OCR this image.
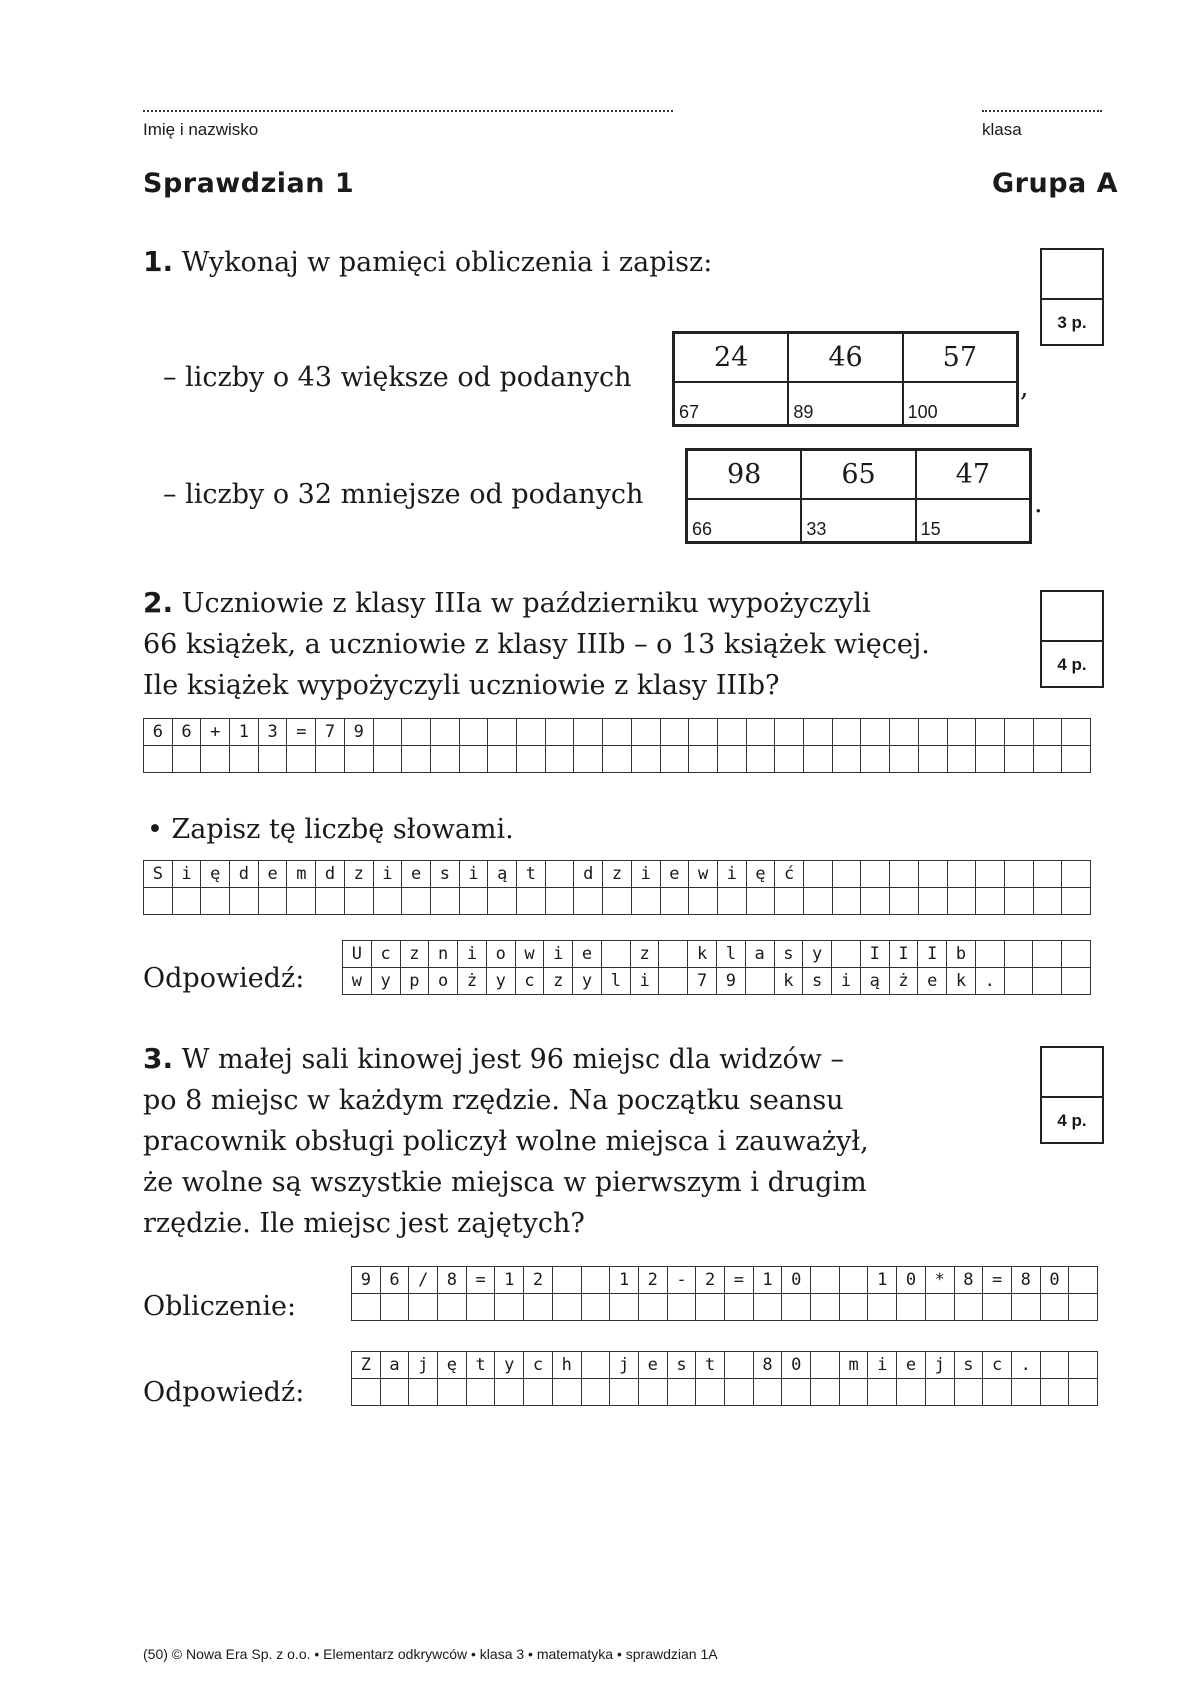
Imię i nazwisko	klasa
Sprawdzian 1	Grupa A
1. Wykonaj w pamięci obliczenia i zapisz:
3 p.
– liczby o 43 większe od podanych
24	46	57
67	89	100
,
– liczby o 32 mniejsze od podanych
98	65	47
66	33	15
.
2. Uczniowie z klasy IIIa w październiku wypożyczyli
66 książek, a uczniowie z klasy IIIb – o 13 książek więcej.
Ile książek wypożyczyli uczniowie z klasy IIIb?
4 p.
6	6	+	1	3	=	7	9
• Zapisz tę liczbę słowami.
S	i	ę	d	e	m	d	z	i	e	s	i	ą	t	d	z	i	e	w	i	ę	ć
Odpowiedź:
U	c	z	n	i	o	w	i	e	z	k	l	a	s	y	I	I	I	b
w	y	p	o	ż	y	c	z	y	l	i	7	9	k	s	i	ą	ż	e	k	.
3. W małej sali kinowej jest 96 miejsc dla widzów –
po 8 miejsc w każdym rzędzie. Na początku seansu
pracownik obsługi policzył wolne miejsca i zauważył,
że wolne są wszystkie miejsca w pierwszym i drugim
rzędzie. Ile miejsc jest zajętych?
4 p.
Obliczenie:
9	6	/	8	=	1	2	1	2	-	2	=	1	0	1	0	*	8	=	8	0
Odpowiedź:
Z	a	j	ę	t	y	c	h	j	e	s	t	8	0	m	i	e	j	s	c	.
(50) © Nowa Era Sp. z o.o. • Elementarz odkrywców • klasa 3 • matematyka • sprawdzian 1A
